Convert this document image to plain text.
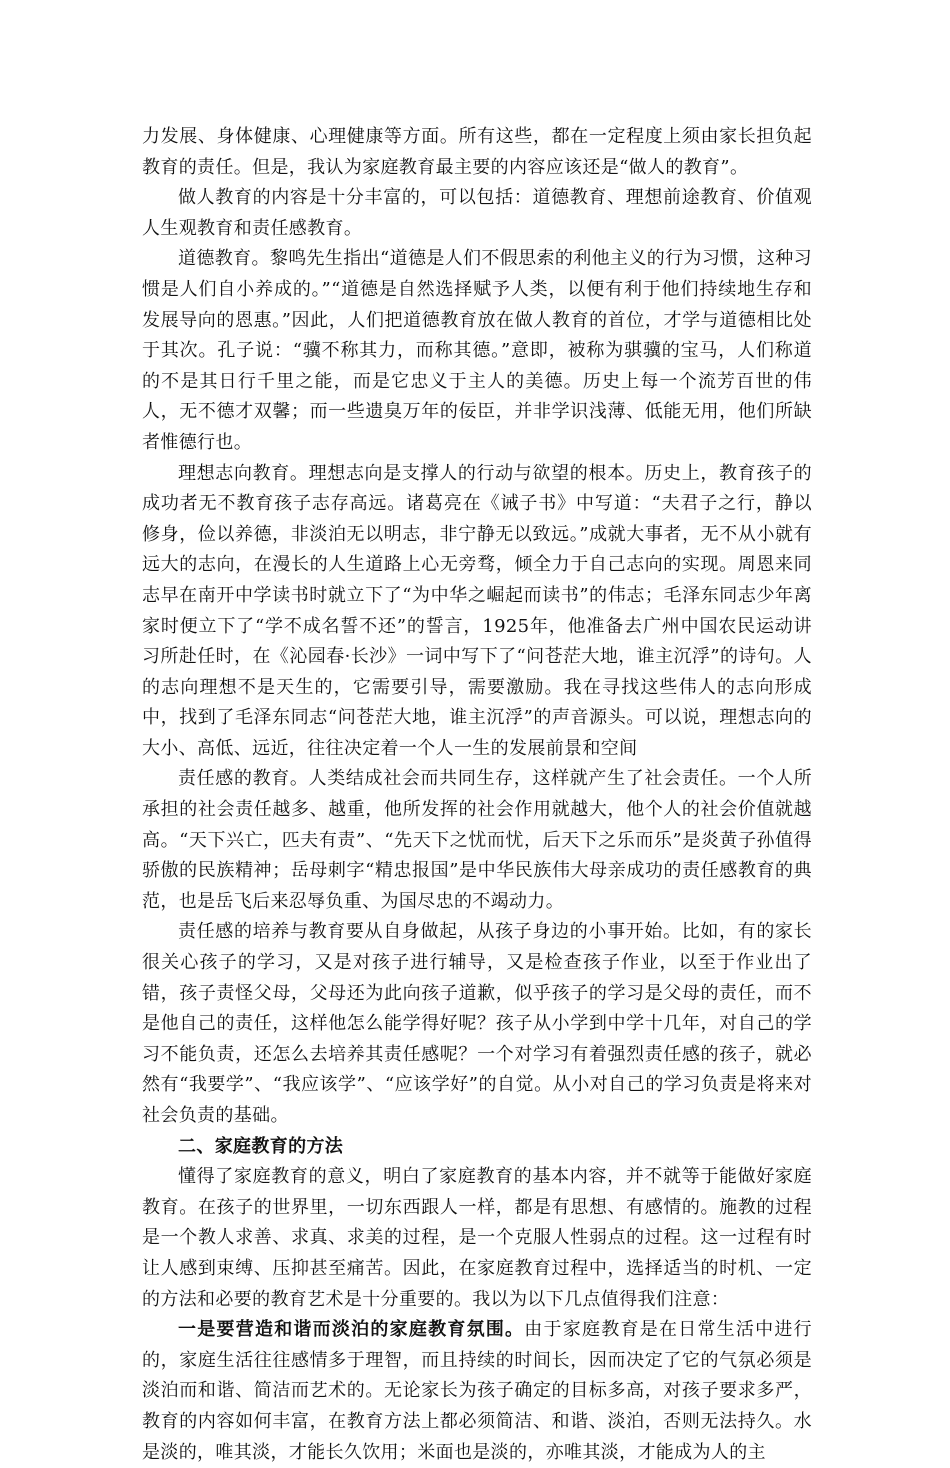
力发展、身体健康、心理健康等方面。所有这些，都在一定程度上须由家长担负起教育的责任。但是，我认为家庭教育最主要的内容应该还是“做人的教育”。

做人教育的内容是十分丰富的，可以包括：道德教育、理想前途教育、价值观人生观教育和责任感教育。

道德教育。黎鸣先生指出“道德是人们不假思索的利他主义的行为习惯，这种习惯是人们自小养成的。”“道德是自然选择赋予人类，以便有利于他们持续地生存和发展导向的恩惠。”因此，人们把道德教育放在做人教育的首位，才学与道德相比处于其次。孔子说：“骥不称其力，而称其德。”意即，被称为骐骥的宝马，人们称道的不是其日行千里之能，而是它忠义于主人的美德。历史上每一个流芳百世的伟人，无不德才双馨；而一些遗臭万年的佞臣，并非学识浅薄、低能无用，他们所缺者惟德行也。

理想志向教育。理想志向是支撑人的行动与欲望的根本。历史上，教育孩子的成功者无不教育孩子志存高远。诸葛亮在《诫子书》中写道：“夫君子之行，静以修身，俭以养德，非淡泊无以明志，非宁静无以致远。”成就大事者，无不从小就有远大的志向，在漫长的人生道路上心无旁骛，倾全力于自己志向的实现。周恩来同志早在南开中学读书时就立下了“为中华之崛起而读书”的伟志；毛泽东同志少年离家时便立下了“学不成名誓不还”的誓言，1925年，他准备去广州中国农民运动讲习所赴任时，在《沁园春·长沙》一词中写下了“问苍茫大地，谁主沉浮”的诗句。人的志向理想不是天生的，它需要引导，需要激励。我在寻找这些伟人的志向形成中，找到了毛泽东同志“问苍茫大地，谁主沉浮”的声音源头。可以说，理想志向的大小、高低、远近，往往决定着一个人一生的发展前景和空间

责任感的教育。人类结成社会而共同生存，这样就产生了社会责任。一个人所承担的社会责任越多、越重，他所发挥的社会作用就越大，他个人的社会价值就越高。“天下兴亡，匹夫有责”、“先天下之忧而忧，后天下之乐而乐”是炎黄子孙值得骄傲的民族精神；岳母刺字“精忠报国”是中华民族伟大母亲成功的责任感教育的典范，也是岳飞后来忍辱负重、为国尽忠的不竭动力。

责任感的培养与教育要从自身做起，从孩子身边的小事开始。比如，有的家长很关心孩子的学习，又是对孩子进行辅导，又是检查孩子作业，以至于作业出了错，孩子责怪父母，父母还为此向孩子道歉，似乎孩子的学习是父母的责任，而不是他自己的责任，这样他怎么能学得好呢？孩子从小学到中学十几年，对自己的学习不能负责，还怎么去培养其责任感呢？一个对学习有着强烈责任感的孩子，就必然有“我要学”、“我应该学”、“应该学好”的自觉。从小对自己的学习负责是将来对社会负责的基础。

二、家庭教育的方法

懂得了家庭教育的意义，明白了家庭教育的基本内容，并不就等于能做好家庭教育。在孩子的世界里，一切东西跟人一样，都是有思想、有感情的。施教的过程是一个教人求善、求真、求美的过程，是一个克服人性弱点的过程。这一过程有时让人感到束缚、压抑甚至痛苦。因此，在家庭教育过程中，选择适当的时机、一定的方法和必要的教育艺术是十分重要的。我以为以下几点值得我们注意：

一是要营造和谐而淡泊的家庭教育氛围。由于家庭教育是在日常生活中进行的，家庭生活往往感情多于理智，而且持续的时间长，因而决定了它的气氛必须是淡泊而和谐、简洁而艺术的。无论家长为孩子确定的目标多高，对孩子要求多严，教育的内容如何丰富，在教育方法上都必须简洁、和谐、淡泊，否则无法持久。水是淡的，唯其淡，才能长久饮用；米面也是淡的，亦唯其淡，才能成为人的主
